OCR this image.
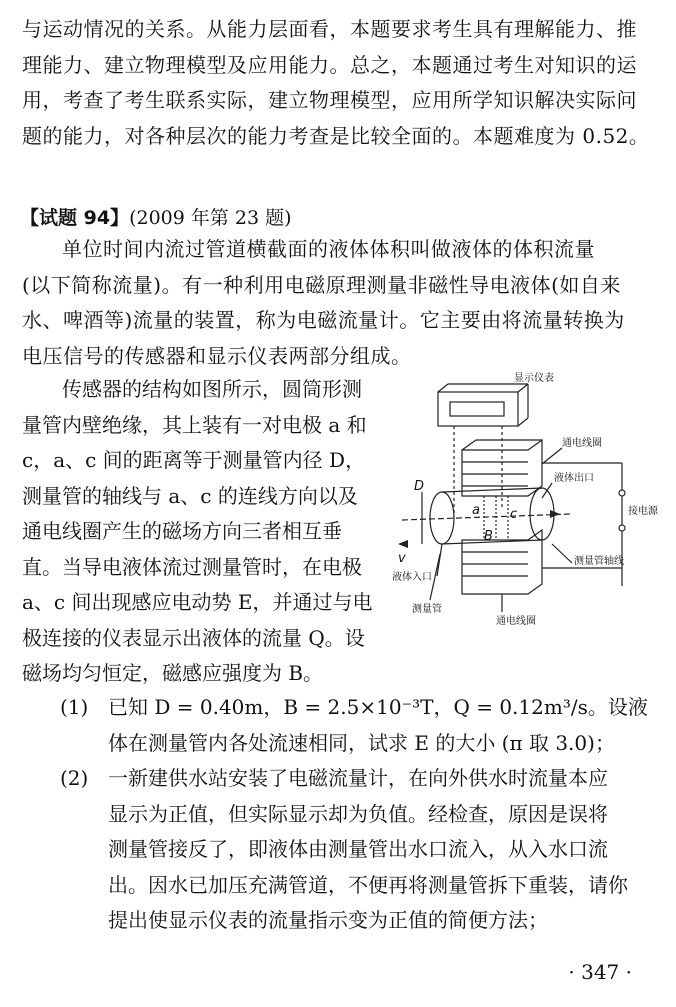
与运动情况的关系。从能力层面看，本题要求考生具有理解能力、推
理能力、建立物理模型及应用能力。总之，本题通过考生对知识的运
用，考查了考生联系实际，建立物理模型，应用所学知识解决实际问
题的能力，对各种层次的能力考查是比较全面的。本题难度为 0.52。
【试题 94】(2009 年第 23 题)
单位时间内流过管道横截面的液体体积叫做液体的体积流量
(以下简称流量)。有一种利用电磁原理测量非磁性导电液体(如自来
水、啤酒等)流量的装置，称为电磁流量计。它主要由将流量转换为
电压信号的传感器和显示仪表两部分组成。
传感器的结构如图所示，圆筒形测
量管内壁绝缘，其上装有一对电极 a 和
c，a、c 间的距离等于测量管内径 D，
测量管的轴线与 a、c 的连线方向以及
通电线圈产生的磁场方向三者相互垂
直。当导电液体流过测量管时，在电极
a、c 间出现感应电动势 E，并通过与电
极连接的仪表显示出液体的流量 Q。设
磁场均匀恒定，磁感应强度为 B。
显示仪表
通电线圈
液体出口
接电源
测量管轴线
液体入口
测量管
通电线圈
D
v
B
a c
(1) 已知 D = 0.40m，B = 2.5×10⁻³T，Q = 0.12m³/s。设液
体在测量管内各处流速相同，试求 E 的大小 (π 取 3.0)；
(2) 一新建供水站安装了电磁流量计，在向外供水时流量本应
显示为正值，但实际显示却为负值。经检查，原因是误将
测量管接反了，即液体由测量管出水口流入，从入水口流
出。因水已加压充满管道，不便再将测量管拆下重装，请你
提出使显示仪表的流量指示变为正值的简便方法；
· 347 ·
